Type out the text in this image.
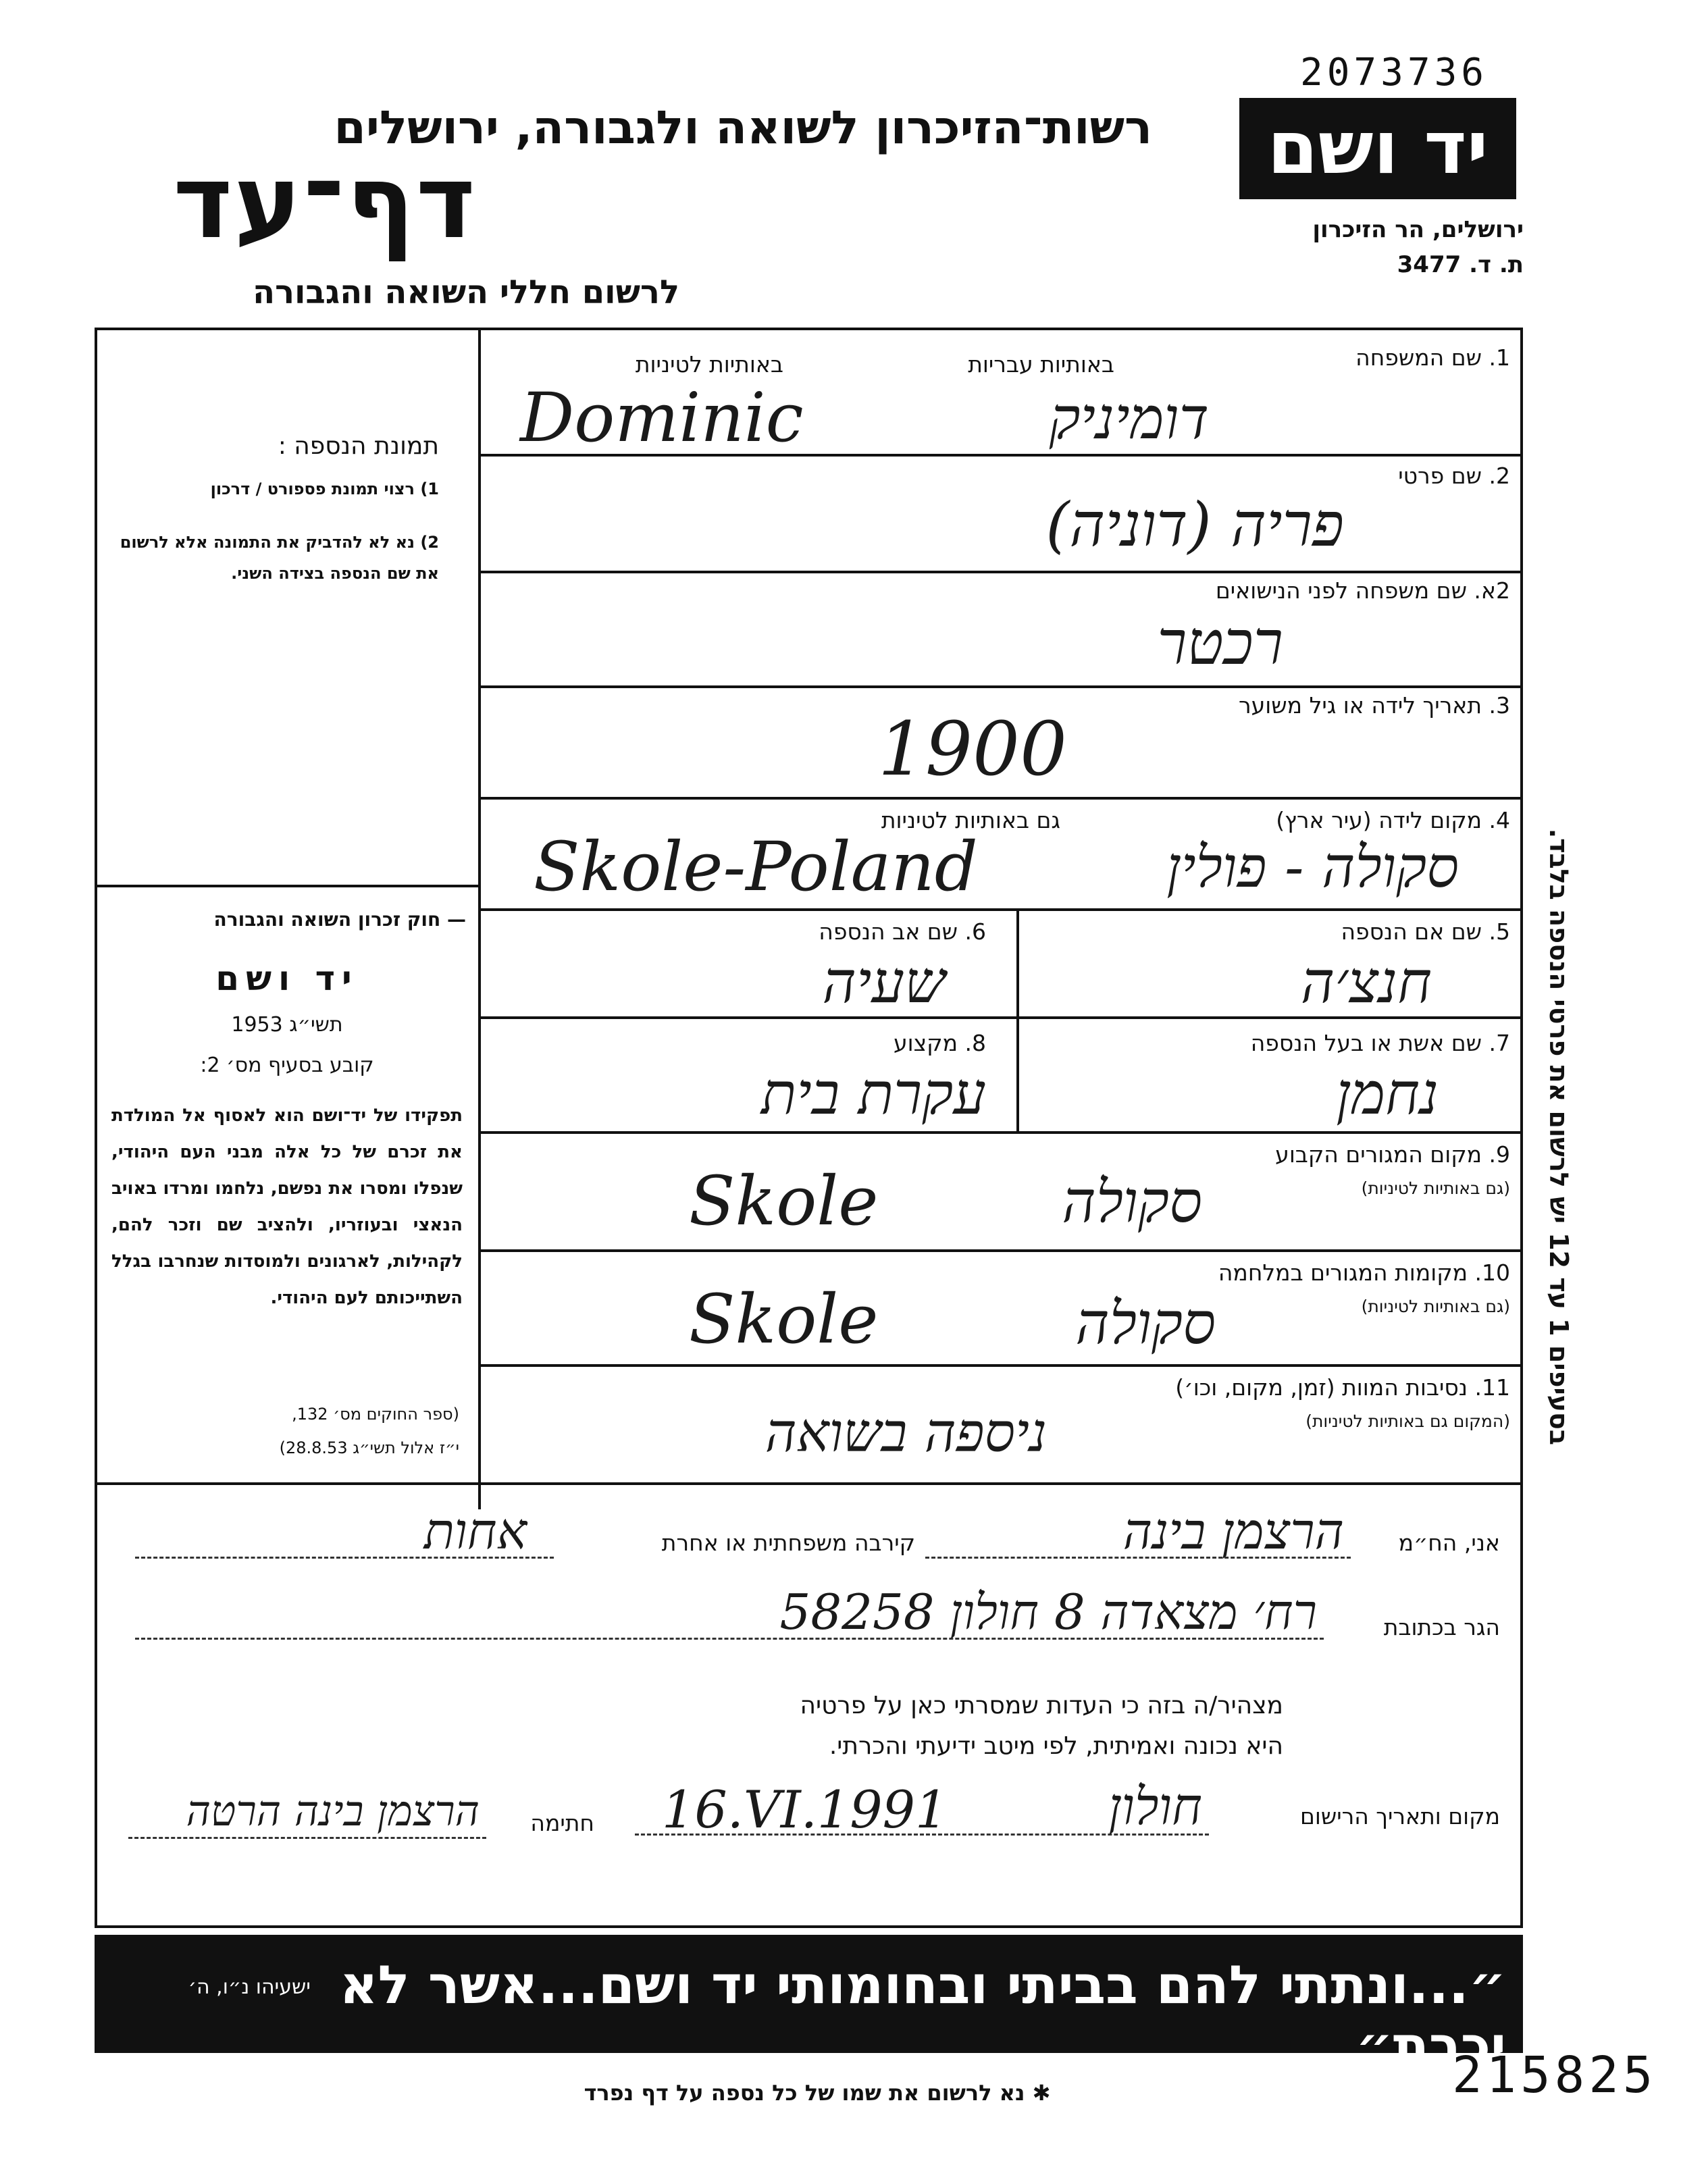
2073736
רשות־הזיכרון לשואה ולגבורה, ירושלים
דף־עד
לרשום חללי השואה והגבורה
יד ושם
ירושלים, הר הזיכרון
ת. ד. 3477
תמונת הנספה :
1) רצוי תמונת פספורט / דרכון
2) נא לא להדביק את התמונה אלא לרשום את שם הנספה בצידה השני.
— חוק זכרון השואה והגבורה
יד ושם
תשי״ג 1953
קובע בסעיף מס׳ 2:
תפקידו של יד־ושם הוא לאסוף אל המולדת את זכרם של כל אלה מבני העם היהודי, שנפלו ומסרו את נפשם, נלחמו ומרדו באויב הנאצי ובעוזריו, ולהציב שם וזכר להם, לקהילות, לארגונים ולמוסדות שנחרבו בגלל השתייכותם לעם היהודי.
(ספר החוקים מס׳ 132,
י״ז אלול תשי״ג 28.8.53)
1. שם המשפחה
באותיות עבריות
באותיות לטיניות
Dominic	דומיניק
2. שם פרטי
פריה (דוניה)
2א. שם משפחה לפני הנישואים
רכטר
3. תאריך לידה או גיל משוער
1900
4. מקום לידה (עיר ארץ)
גם באותיות לטיניות
Skole-Poland	סקולה - פולין
5. שם אם הנספה
חנצ׳ה
6. שם אב הנספה
שעיה
7. שם אשת או בעל הנספה
נחמן
8. מקצוע
עקרת בית
9. מקום המגורים הקבוע
(גם באותיות לטיניות)
Skole	סקולה
10. מקומות המגורים במלחמה
(גם באותיות לטיניות)
Skole	סקולה
11. נסיבות המוות (זמן, מקום, וכו׳)
(המקום גם באותיות לטיניות)
ניספה בשואה
בסעיפים 1 עד 12 יש לרשום את פרטי הנספה בלבד.
אני, הח״מ
הרצמן בינה
קירבה משפחתית או אחרת
אחות
הגר בכתובת
רח׳ מצאדה 8 חולון 58258
מצהיר/ה בזה כי העדות שמסרתי כאן על פרטיה
היא נכונה ואמיתית, לפי מיטב ידיעתי והכרתי.
מקום ותאריך הרישום
חולון
16.VI.1991
חתימה
הרצמן בינה הרטה
״...ונתתי להם בביתי ובחומותי יד ושם...אשר לא יכרת״
ישעיהו נ״ו, ה׳
215825
✱ נא לרשום את שמו של כל נספה על דף נפרד
